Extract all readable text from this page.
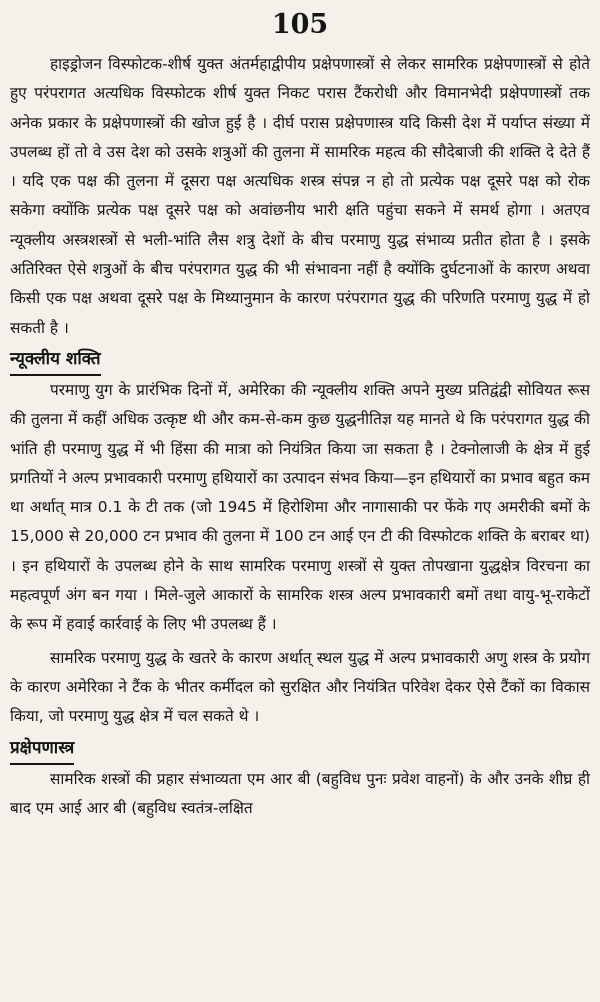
105

हाइड्रोजन विस्फोटक-शीर्ष युक्त अंतर्महाद्वीपीय प्रक्षेपणास्त्रों से लेकर सामरिक प्रक्षेपणास्त्रों से होते हुए परंपरागत अत्यधिक विस्फोटक शीर्ष युक्त निकट परास टैंकरोधी और विमानभेदी प्रक्षेपणास्त्रों तक अनेक प्रकार के प्रक्षेपणास्त्रों की खोज हुई है । दीर्घ परास प्रक्षेपणास्त्र यदि किसी देश में पर्याप्त संख्या में उपलब्ध हों तो वे उस देश को उसके शत्रुओं की तुलना में सामरिक महत्व की सौदेबाजी की शक्ति दे देते हैं । यदि एक पक्ष की तुलना में दूसरा पक्ष अत्यधिक शस्त्र संपन्न न हो तो प्रत्येक पक्ष दूसरे पक्ष को रोक सकेगा क्योंकि प्रत्येक पक्ष दूसरे पक्ष को अवांछनीय भारी क्षति पहुंचा सकने में समर्थ होगा । अतएव न्यूक्लीय अस्त्रशस्त्रों से भली-भांति लैस शत्रु देशों के बीच परमाणु युद्ध संभाव्य प्रतीत होता है । इसके अतिरिक्त ऐसे शत्रुओं के बीच परंपरागत युद्ध की भी संभावना नहीं है क्योंकि दुर्घटनाओं के कारण अथवा किसी एक पक्ष अथवा दूसरे पक्ष के मिथ्यानुमान के कारण परंपरागत युद्ध की परिणति परमाणु युद्ध में हो सकती है ।

न्यूक्लीय शक्ति

परमाणु युग के प्रारंभिक दिनों में, अमेरिका की न्यूक्लीय शक्ति अपने मुख्य प्रतिद्वंद्वी सोवियत रूस की तुलना में कहीं अधिक उत्कृष्ट थी और कम-से-कम कुछ युद्धनीतिज्ञ यह मानते थे कि परंपरागत युद्ध की भांति ही परमाणु युद्ध में भी हिंसा की मात्रा को नियंत्रित किया जा सकता है । टेक्नोलाजी के क्षेत्र में हुई प्रगतियों ने अल्प प्रभावकारी परमाणु हथियारों का उत्पादन संभव किया—इन हथियारों का प्रभाव बहुत कम था अर्थात् मात्र 0.1 के टी तक (जो 1945 में हिरोशिमा और नागासाकी पर फेंके गए अमरीकी बमों के 15,000 से 20,000 टन प्रभाव की तुलना में 100 टन आई एन टी की विस्फोटक शक्ति के बराबर था) । इन हथियारों के उपलब्ध होने के साथ सामरिक परमाणु शस्त्रों से युक्त तोपखाना युद्धक्षेत्र विरचना का महत्वपूर्ण अंग बन गया । मिले-जुले आकारों के सामरिक शस्त्र अल्प प्रभावकारी बमों तथा वायु-भू-राकेटों के रूप में हवाई कार्रवाई के लिए भी उपलब्ध हैं ।

सामरिक परमाणु युद्ध के खतरे के कारण अर्थात् स्थल युद्ध में अल्प प्रभावकारी अणु शस्त्र के प्रयोग के कारण अमेरिका ने टैंक के भीतर कर्मीदल को सुरक्षित और नियंत्रित परिवेश देकर ऐसे टैंकों का विकास किया, जो परमाणु युद्ध क्षेत्र में चल सकते थे ।

प्रक्षेपणास्त्र

सामरिक शस्त्रों की प्रहार संभाव्यता एम आर बी (बहुविध पुनः प्रवेश वाहनों) के और उनके शीघ्र ही बाद एम आई आर बी (बहुविध स्वतंत्र-लक्षित
